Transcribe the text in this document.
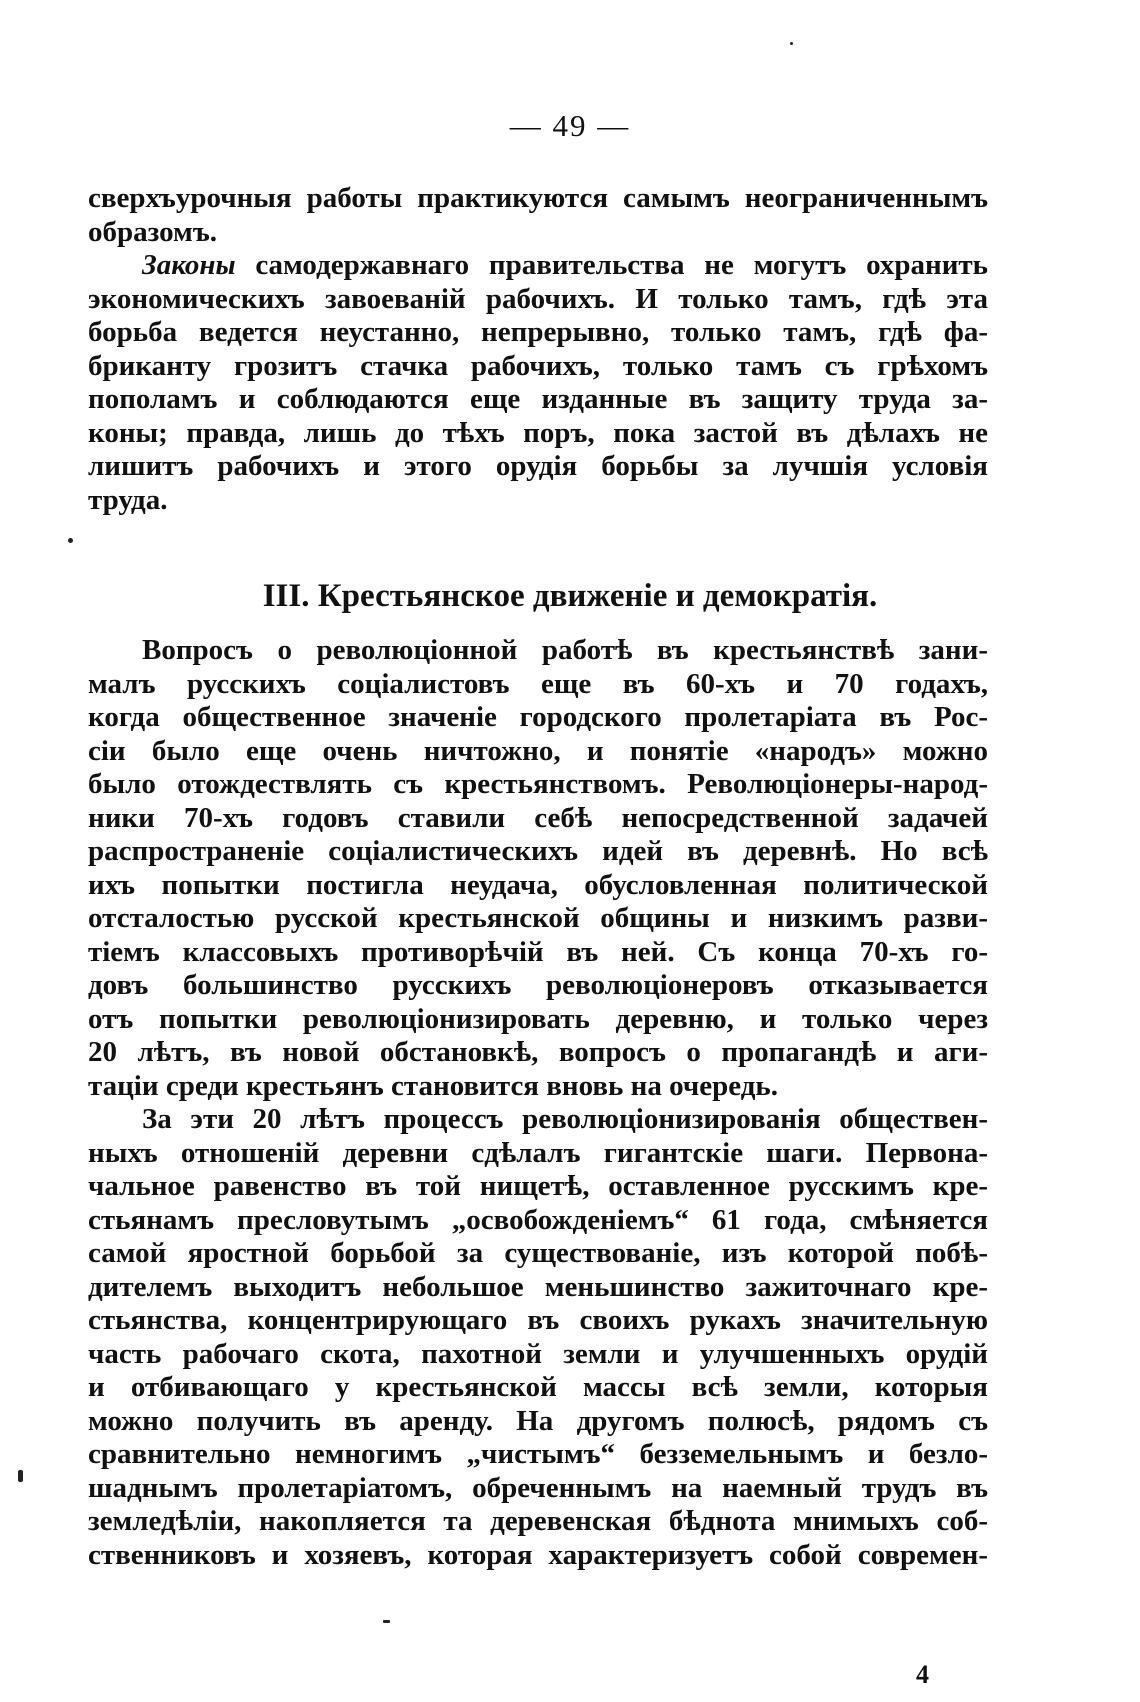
— 49 —
сверхъурочныя работы практикуются самымъ неограниченнымъ
образомъ.
Законы самодержавнаго правительства не могутъ охранить
экономическихъ завоеваній рабочихъ. И только тамъ, гдѣ эта
борьба ведется неустанно, непрерывно, только тамъ, гдѣ фа-
бриканту грозитъ стачка рабочихъ, только тамъ съ грѣхомъ
пополамъ и соблюдаются еще изданные въ защиту труда за-
коны; правда, лишь до тѣхъ поръ, пока застой въ дѣлахъ не
лишитъ рабочихъ и этого орудія борьбы за лучшія условія
труда.
III. Крестьянское движеніе и демократія.
Вопросъ о революціонной работѣ въ крестьянствѣ зани-
малъ русскихъ соціалистовъ еще въ 60-хъ и 70 годахъ,
когда общественное значеніе городского пролетаріата въ Рос-
сіи было еще очень ничтожно, и понятіе «народъ» можно
было отождествлять съ крестьянствомъ. Революціонеры-народ-
ники 70-хъ годовъ ставили себѣ непосредственной задачей
распространеніе соціалистическихъ идей въ деревнѣ. Но всѣ
ихъ попытки постигла неудача, обусловленная политической
отсталостью русской крестьянской общины и низкимъ разви-
тіемъ классовыхъ противорѣчій въ ней. Съ конца 70-хъ го-
довъ большинство русскихъ революціонеровъ отказывается
отъ попытки революціонизировать деревню, и только через
20 лѣтъ, въ новой обстановкѣ, вопросъ о пропагандѣ и аги-
таціи среди крестьянъ становится вновь на очередь.
За эти 20 лѣтъ процессъ революціонизированія обществен-
ныхъ отношеній деревни сдѣлалъ гигантскіе шаги. Первона-
чальное равенство въ той нищетѣ, оставленное русскимъ кре-
стьянамъ пресловутымъ „освобожденіемъ“ 61 года, смѣняется
самой яростной борьбой за существованіе, изъ которой побѣ-
дителемъ выходитъ небольшое меньшинство зажиточнаго кре-
стьянства, концентрирующаго въ своихъ рукахъ значительную
часть рабочаго скота, пахотной земли и улучшенныхъ орудій
и отбивающаго у крестьянской массы всѣ земли, которыя
можно получить въ аренду. На другомъ полюсѣ, рядомъ съ
сравнительно немногимъ „чистымъ“ безземельнымъ и безло-
шаднымъ пролетаріатомъ, обреченнымъ на наемный трудъ въ
земледѣліи, накопляется та деревенская бѣднота мнимыхъ соб-
ственниковъ и хозяевъ, которая характеризуетъ собой современ-
4
